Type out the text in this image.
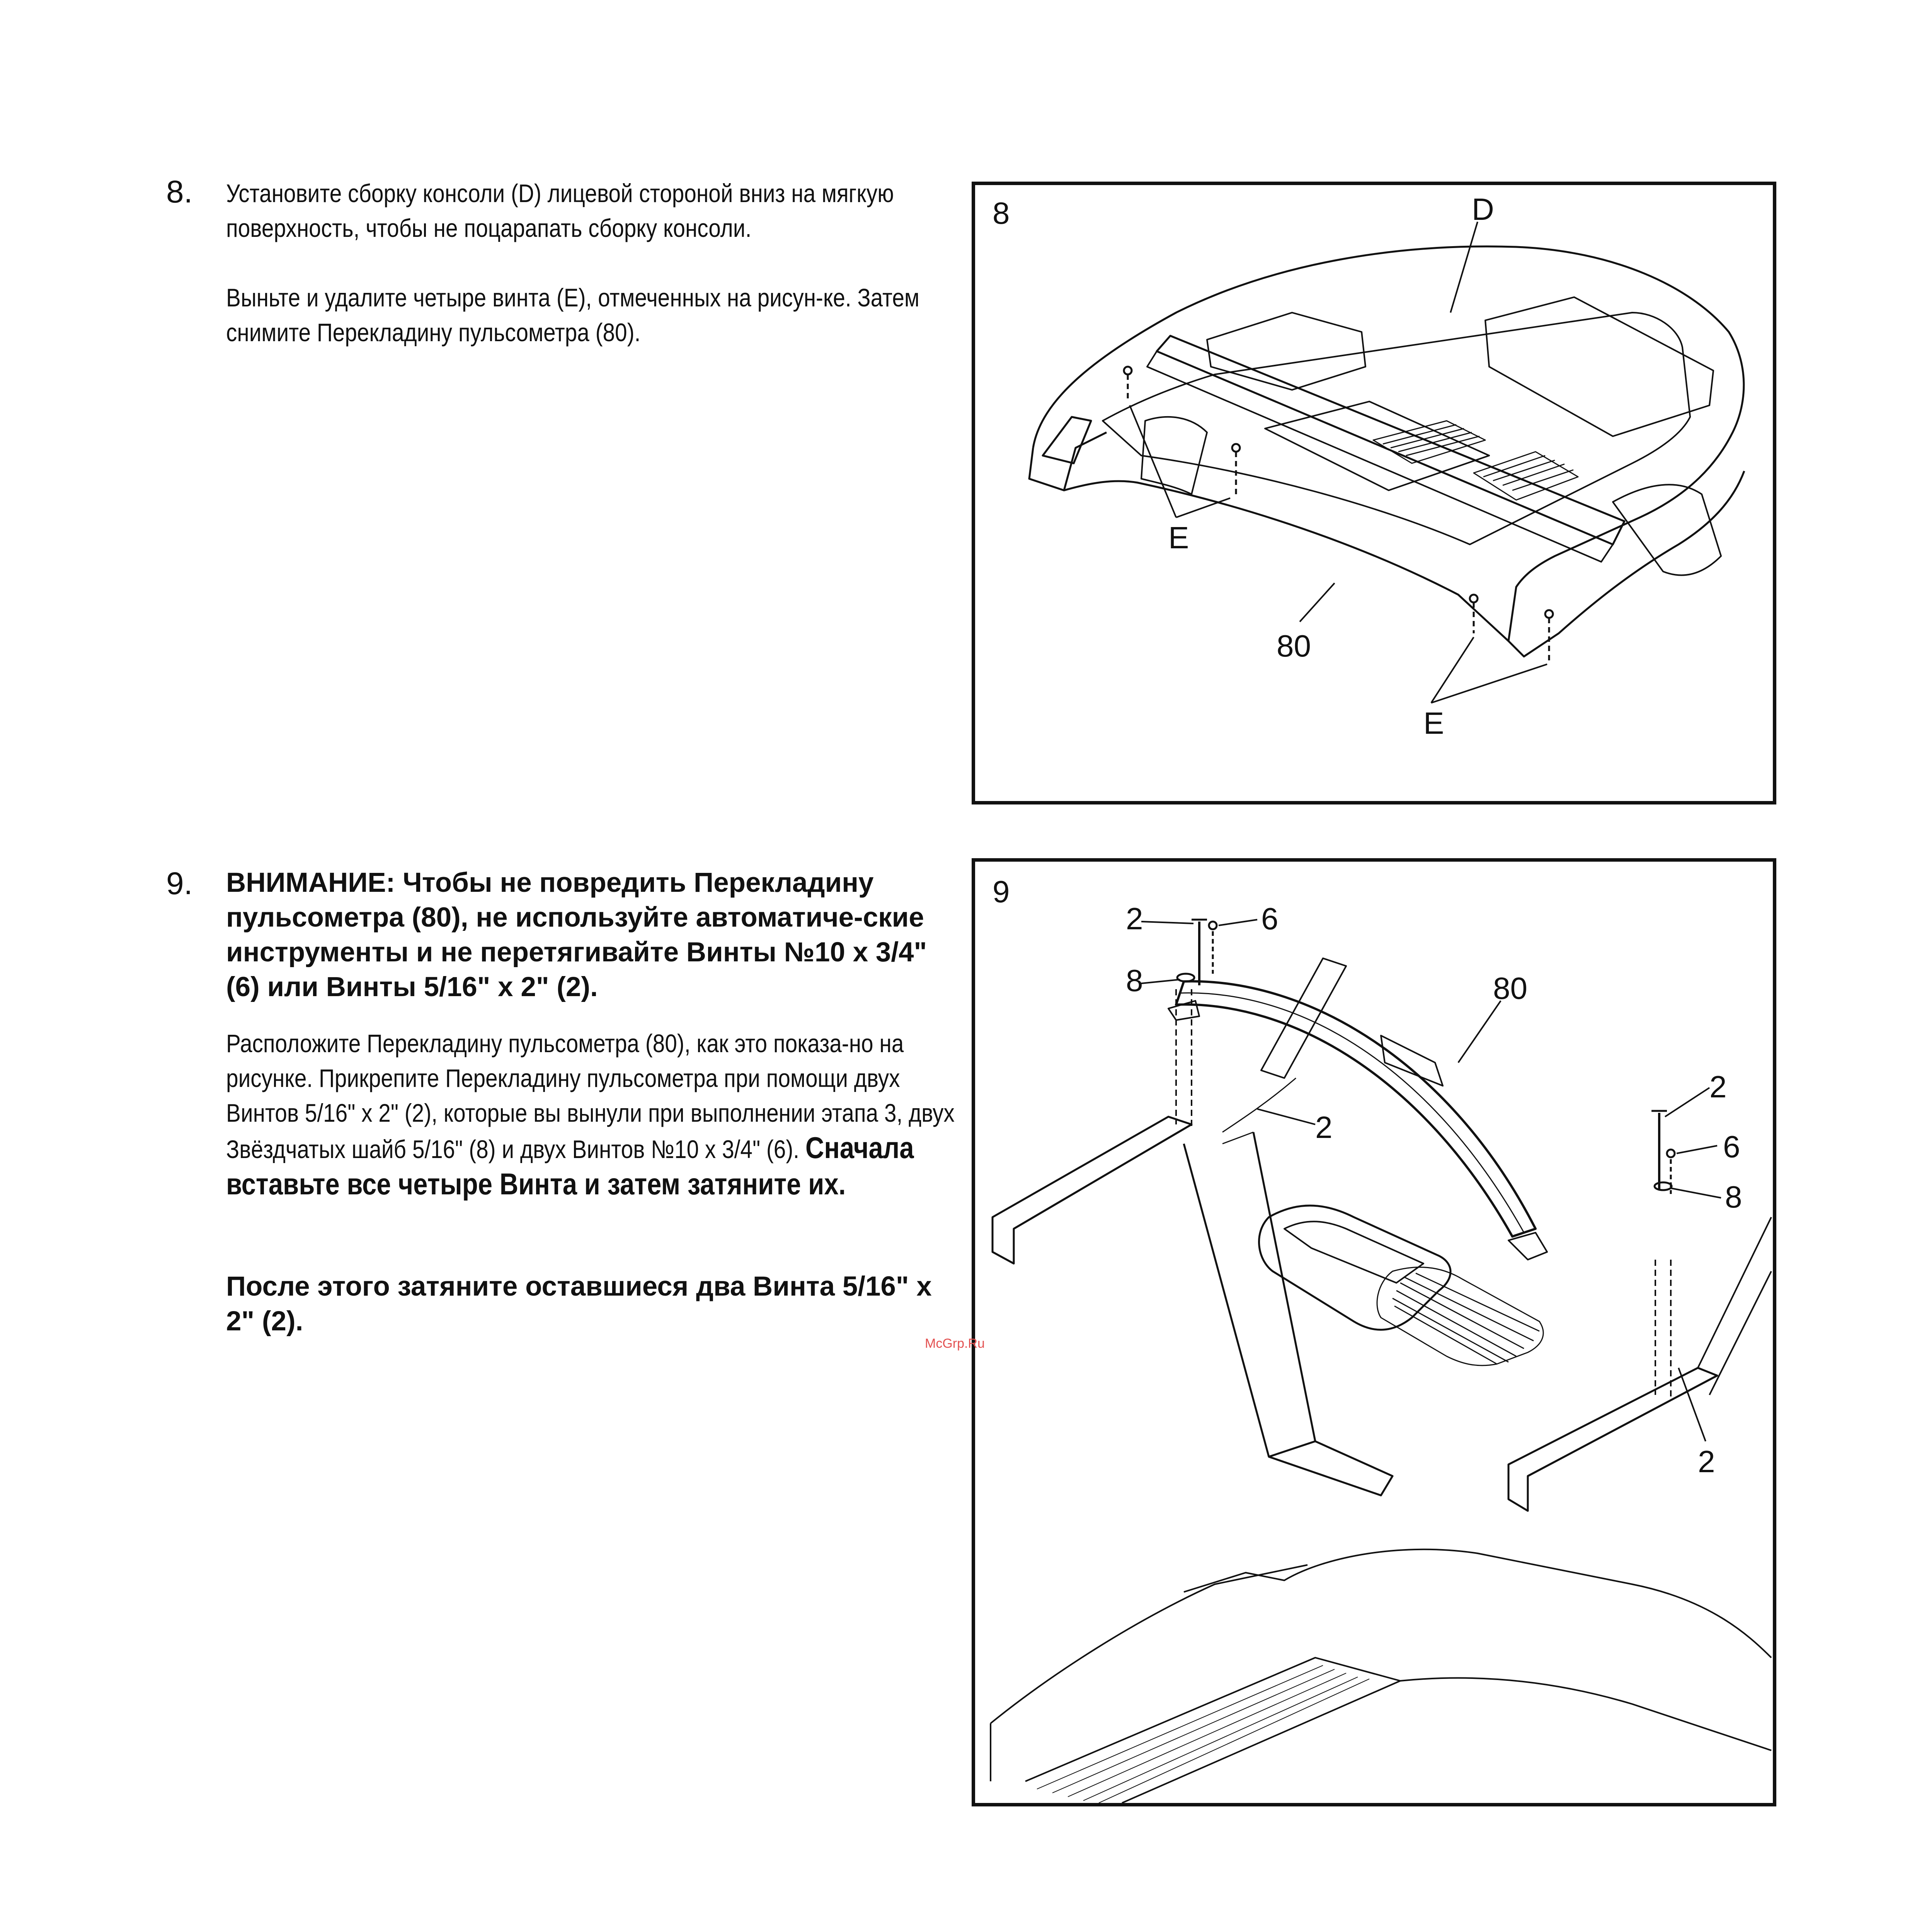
8. Установите сборку консоли (D) лицевой стороной вниз на мягкую поверхность, чтобы не поцарапать сборку консоли.

Выньте и удалите четыре винта (E), отмеченных на рисун-ке. Затем снимите Перекладину пульсометра (80).

8	D
E
80
E
9. ВНИМАНИЕ: Чтобы не повредить Перекладину пульсометра (80), не используйте автоматиче-ские инструменты и не перетягивайте Винты №10 x 3/4" (6) или Винты 5/16" x 2" (2).

Расположите Перекладину пульсометра (80), как это показа-но на рисунке. Прикрепите Перекладину пульсометра при помощи двух Винтов 5/16" x 2" (2), которые вы вынули при выполнении этапа 3, двух Звёздчатых шайб 5/16" (8) и двух Винтов №10 x 3/4" (6). Сначала вставьте все четыре Винта и затем затяните их.

После этого затяните оставшиеся два Винта 5/16" x 2" (2).

9
2	6
8	80
2
6
8
2
2
McGrp.Ru
